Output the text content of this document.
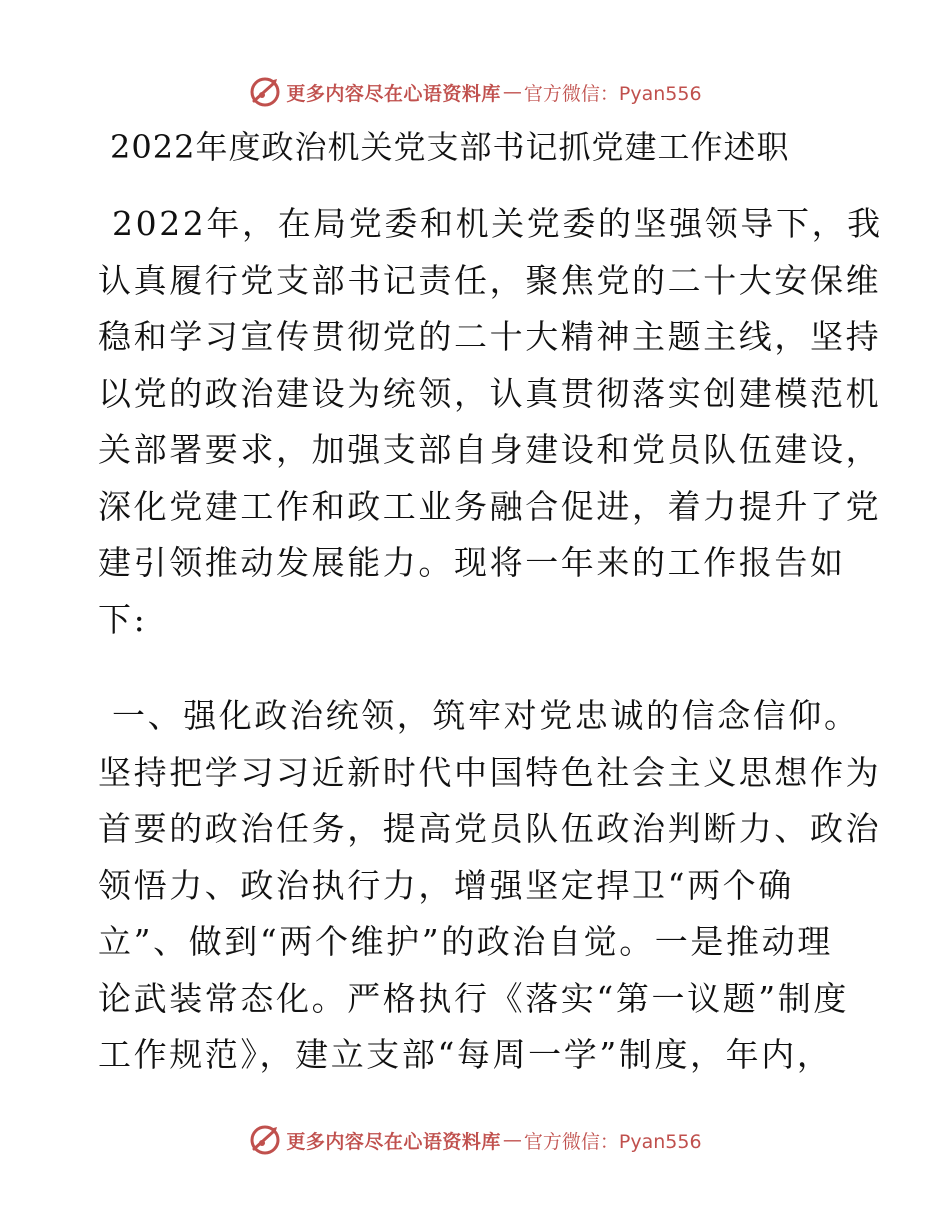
更多内容尽在心语资料库 — 官方微信：Pyan556
2022年度政治机关党支部书记抓党建工作述职
2022年，在局党委和机关党委的坚强领导下，我
认真履行党支部书记责任，聚焦党的二十大安保维
稳和学习宣传贯彻党的二十大精神主题主线，坚持
以党的政治建设为统领，认真贯彻落实创建模范机
关部署要求，加强支部自身建设和党员队伍建设，
深化党建工作和政工业务融合促进，着力提升了党
建引领推动发展能力。现将一年来的工作报告如
下:
一、强化政治统领，筑牢对党忠诚的信念信仰。
坚持把学习习近新时代中国特色社会主义思想作为
首要的政治任务，提高党员队伍政治判断力、政治
领悟力、政治执行力，增强坚定捍卫“两个确
立”、做到“两个维护”的政治自觉。一是推动理
论武装常态化。严格执行《落实“第一议题”制度
工作规范》，建立支部“每周一学”制度，年内，
更多内容尽在心语资料库 — 官方微信：Pyan556
